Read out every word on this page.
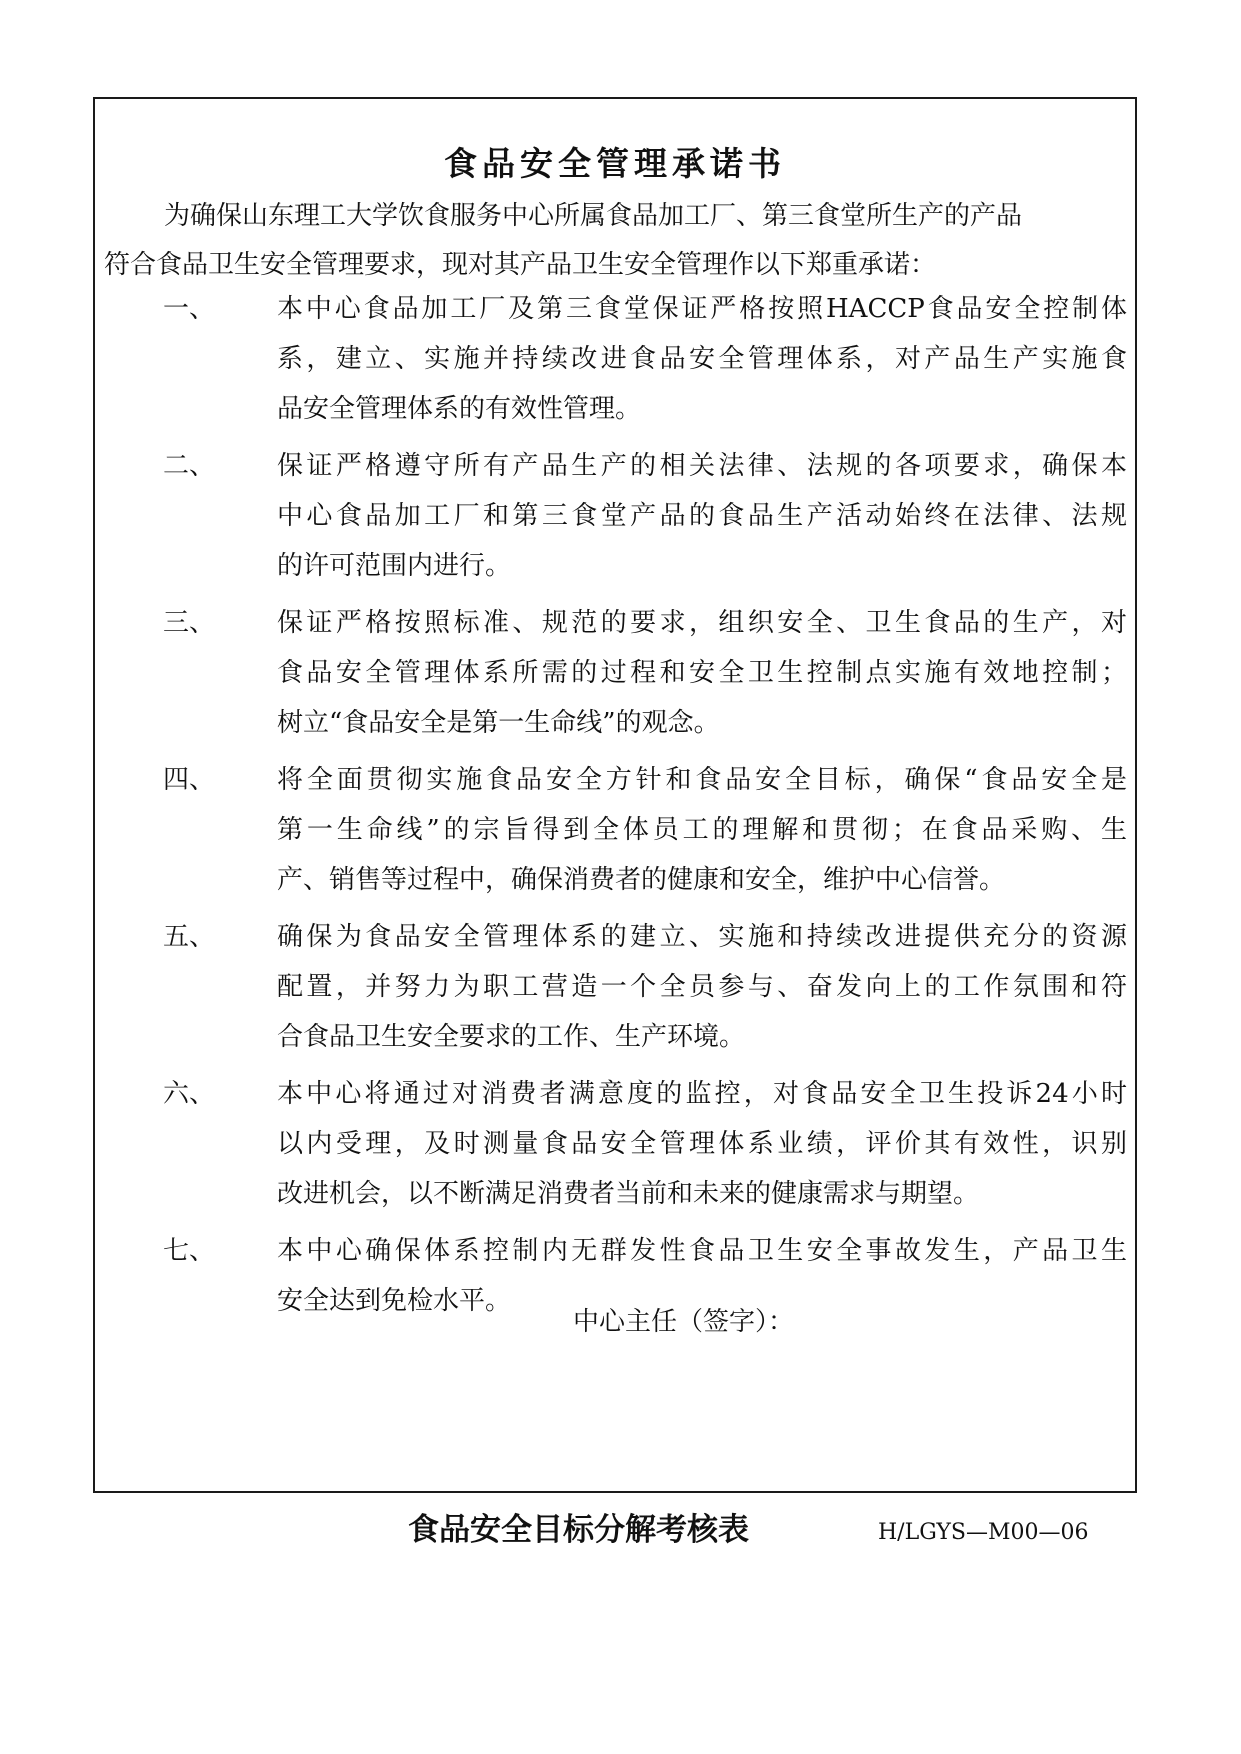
食品安全管理承诺书
为确保山东理工大学饮食服务中心所属食品加工厂、第三食堂所生产的产品
符合食品卫生安全管理要求，现对其产品卫生安全管理作以下郑重承诺：
一、 本中心食品加工厂及第三食堂保证严格按照HACCP食品安全控制体
系，建立、实施并持续改进食品安全管理体系，对产品生产实施食
品安全管理体系的有效性管理。
二、 保证严格遵守所有产品生产的相关法律、法规的各项要求，确保本
中心食品加工厂和第三食堂产品的食品生产活动始终在法律、法规
的许可范围内进行。
三、 保证严格按照标准、规范的要求，组织安全、卫生食品的生产，对
食品安全管理体系所需的过程和安全卫生控制点实施有效地控制；
树立“食品安全是第一生命线”的观念。
四、 将全面贯彻实施食品安全方针和食品安全目标，确保“食品安全是
第一生命线”的宗旨得到全体员工的理解和贯彻；在食品采购、生
产、销售等过程中，确保消费者的健康和安全，维护中心信誉。
五、 确保为食品安全管理体系的建立、实施和持续改进提供充分的资源
配置，并努力为职工营造一个全员参与、奋发向上的工作氛围和符
合食品卫生安全要求的工作、生产环境。
六、 本中心将通过对消费者满意度的监控，对食品安全卫生投诉24小时
以内受理，及时测量食品安全管理体系业绩，评价其有效性，识别
改进机会，以不断满足消费者当前和未来的健康需求与期望。
七、 本中心确保体系控制内无群发性食品卫生安全事故发生，产品卫生
安全达到免检水平。
中心主任（签字）：
食品安全目标分解考核表	H/LGYS—M00—06
